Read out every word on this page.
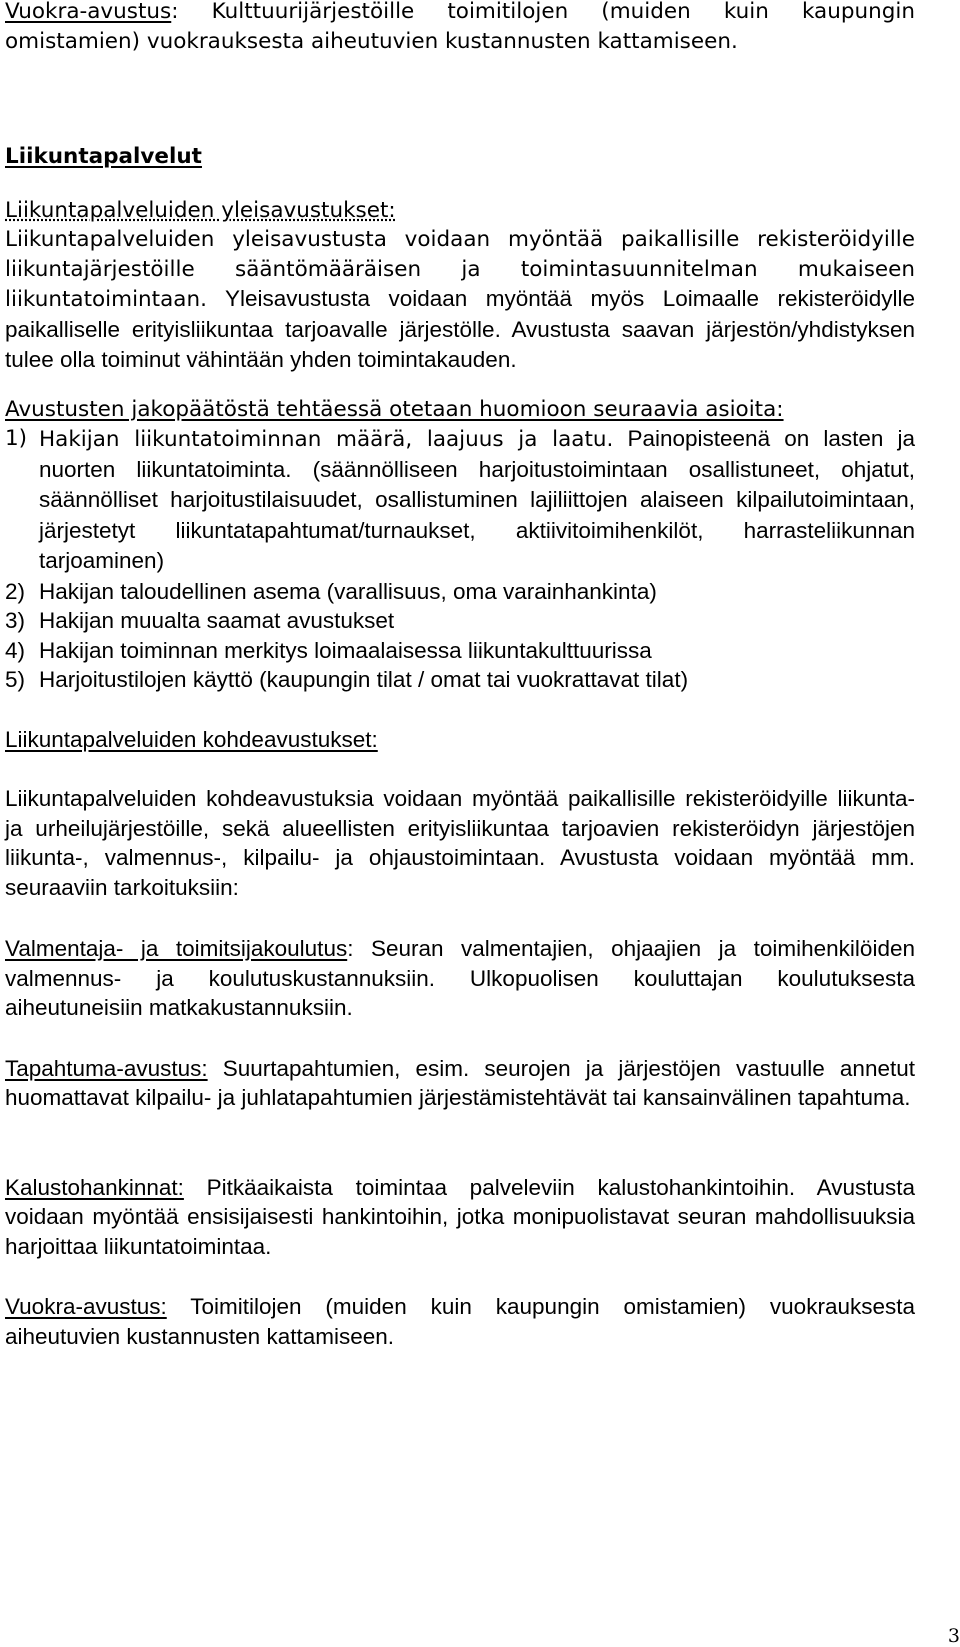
Vuokra-avustus: Kulttuurijärjestöille toimitilojen (muiden kuin kaupungin omistamien) vuokrauksesta aiheutuvien kustannusten kattamiseen.

Liikuntapalvelut

Liikuntapalveluiden yleisavustukset:

Liikuntapalveluiden yleisavustusta voidaan myöntää paikallisille rekisteröidyille liikuntajärjestöille sääntömääräisen ja toimintasuunnitelman mukaiseen liikuntatoimintaan. Yleisavustusta voidaan myöntää myös Loimaalle rekisteröidylle paikalliselle erityisliikuntaa tarjoavalle järjestölle. Avustusta saavan järjestön/yhdistyksen tulee olla toiminut vähintään yhden toimintakauden.

Avustusten jakopäätöstä tehtäessä otetaan huomioon seuraavia asioita:

1) Hakijan liikuntatoiminnan määrä, laajuus ja laatu. Painopisteenä on lasten ja nuorten liikuntatoiminta. (säännölliseen harjoitustoimintaan osallistuneet, ohjatut, säännölliset harjoitustilaisuudet, osallistuminen lajiliittojen alaiseen kilpailutoimintaan, järjestetyt liikuntatapahtumat/turnaukset, aktiivitoimihenkilöt, harrasteliikunnan tarjoaminen)
2) Hakijan taloudellinen asema (varallisuus, oma varainhankinta)
3) Hakijan muualta saamat avustukset
4) Hakijan toiminnan merkitys loimaalaisessa liikuntakulttuurissa
5) Harjoitustilojen käyttö (kaupungin tilat / omat tai vuokrattavat tilat)

Liikuntapalveluiden kohdeavustukset:

Liikuntapalveluiden kohdeavustuksia voidaan myöntää paikallisille rekisteröidyille liikunta- ja urheilujärjestöille, sekä alueellisten erityisliikuntaa tarjoavien rekisteröidyn järjestöjen liikunta-, valmennus-, kilpailu- ja ohjaustoimintaan. Avustusta voidaan myöntää mm. seuraaviin tarkoituksiin:

Valmentaja- ja toimitsijakoulutus: Seuran valmentajien, ohjaajien ja toimihenkilöiden valmennus- ja koulutuskustannuksiin. Ulkopuolisen kouluttajan koulutuksesta aiheutuneisiin matkakustannuksiin.

Tapahtuma-avustus: Suurtapahtumien, esim. seurojen ja järjestöjen vastuulle annetut huomattavat kilpailu- ja juhlatapahtumien järjestämistehtävät tai kansainvälinen tapahtuma.

Kalustohankinnat: Pitkäaikaista toimintaa palveleviin kalustohankintoihin. Avustusta voidaan myöntää ensisijaisesti hankintoihin, jotka monipuolistavat seuran mahdollisuuksia harjoittaa liikuntatoimintaa.

Vuokra-avustus: Toimitilojen (muiden kuin kaupungin omistamien) vuokrauksesta aiheutuvien kustannusten kattamiseen.

3
